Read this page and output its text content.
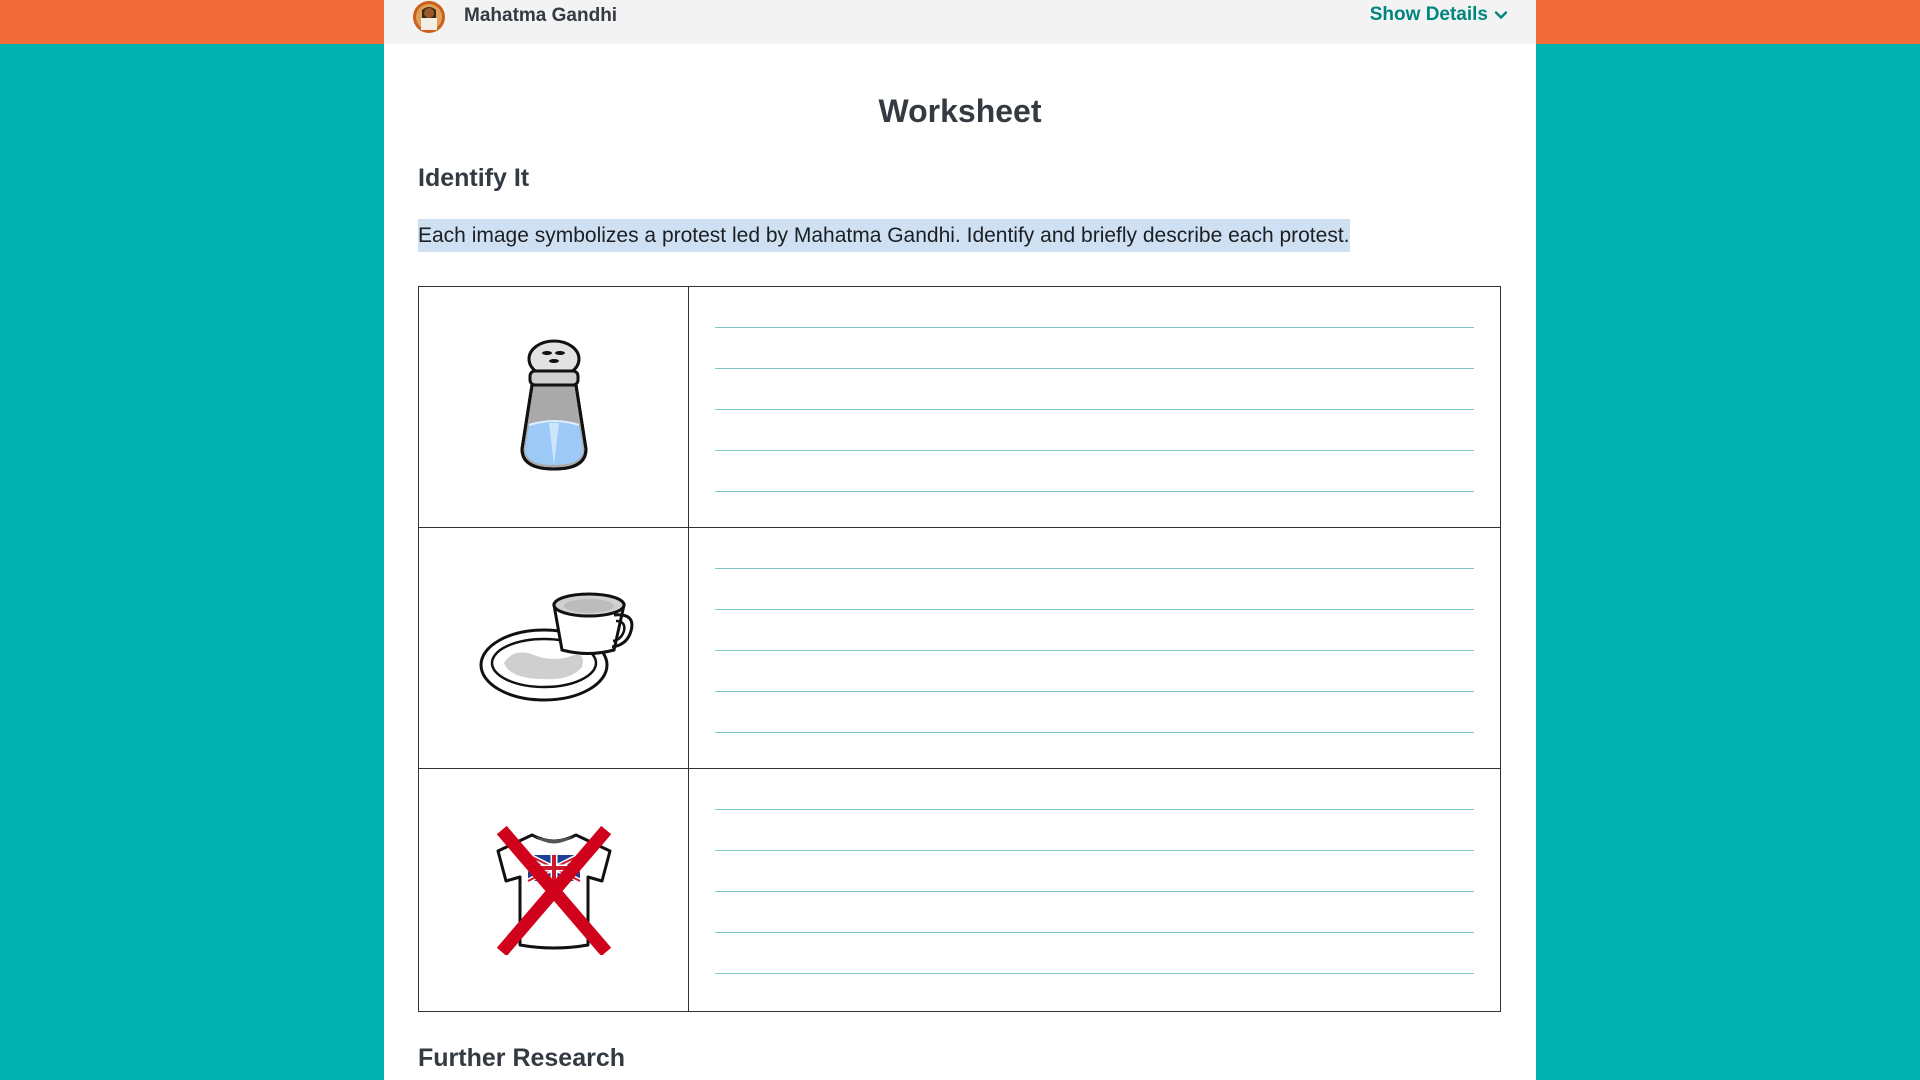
Mahatma Gandhi	Show Details
Worksheet
Identify It
Each image symbolizes a protest led by Mahatma Gandhi. Identify and briefly describe each protest.
Further Research
